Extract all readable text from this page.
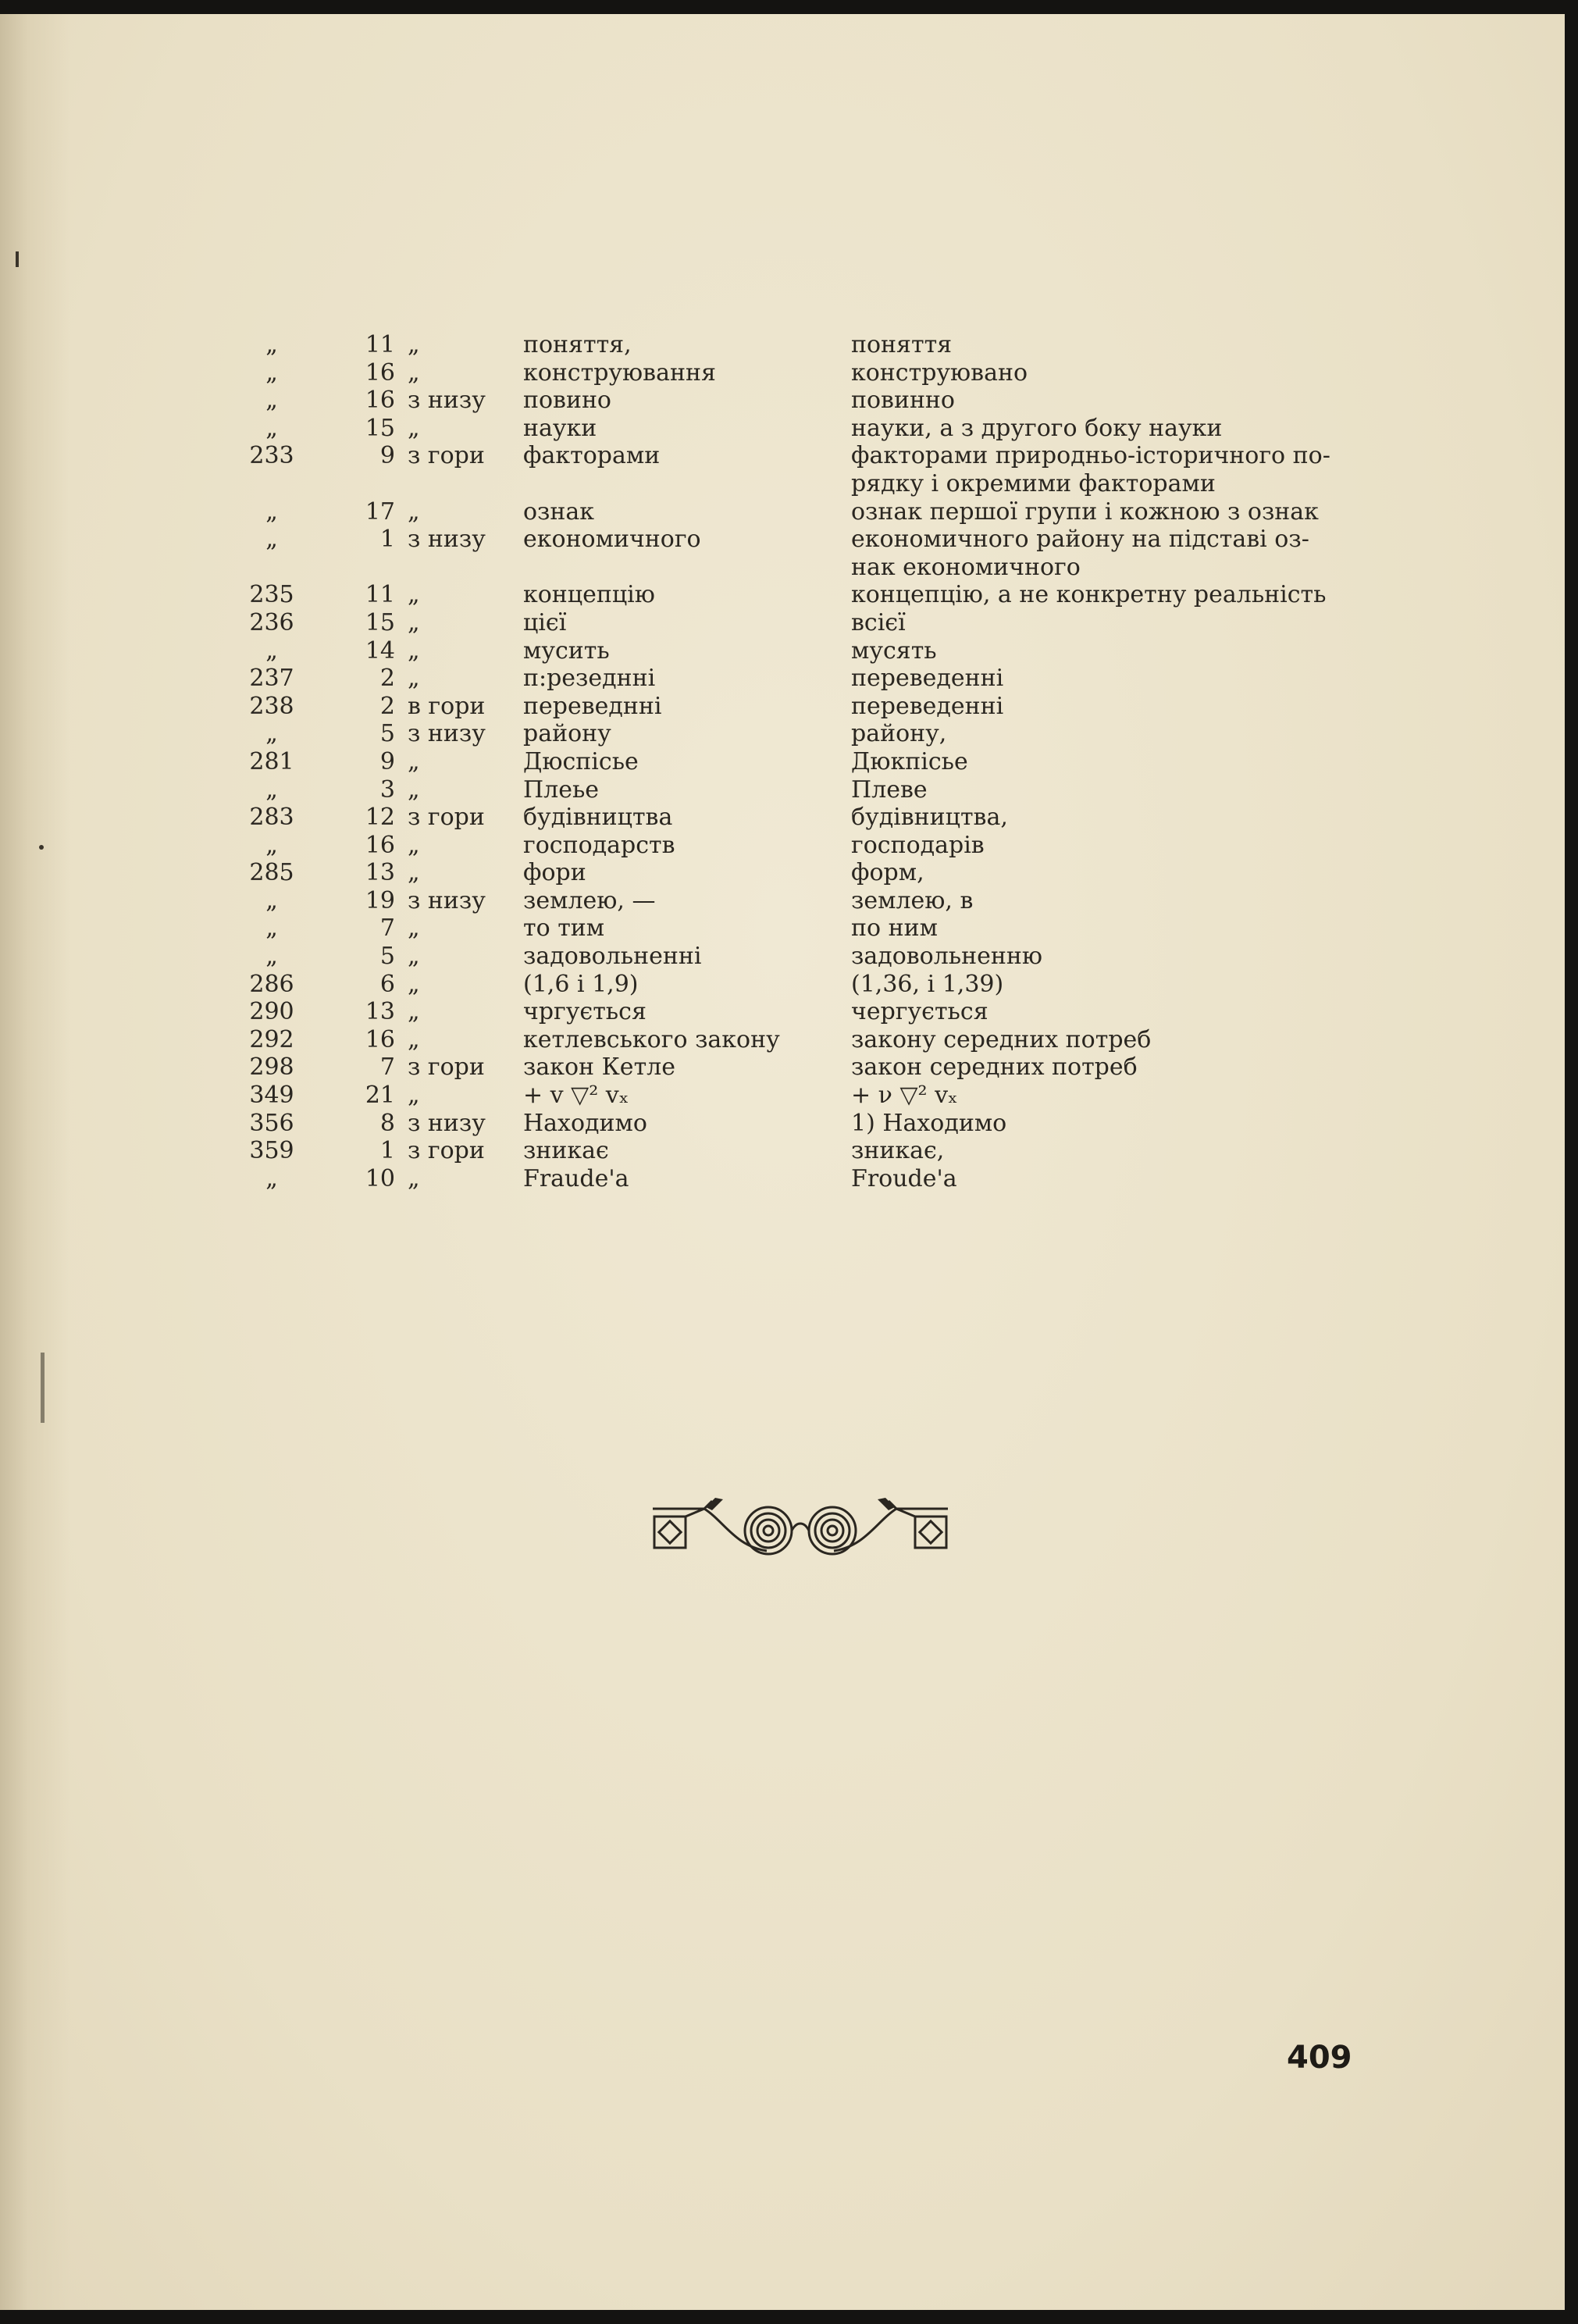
„	11	„	поняття,	поняття
„	16	„	конструювання	конструювано
„	16	з низу	повино	повинно
„	15	„	науки	науки, а з другого боку науки
233	9	з гори	факторами	факторами природньо-історичного по-
				рядку і окремими факторами
„	17	„	ознак	ознак першої групи і кожною з ознак
„	1	з низу	економичного	економичного району на підставі оз-
				нак економичного
235	11	„	концепцію	концепцію, а не конкретну реальність
236	15	„	цієї	всієї
„	14	„	мусить	мусять
237	2	„	п:резеднні	переведенні
238	2	в гори	переведнні	переведенні
„	5	з низу	району	району,
281	9	„	Дюспісье	Дюкпісье
„	3	„	Плеье	Плеве
283	12	з гори	будівництва	будівництва,
„	16	„	господарств	господарів
285	13	„	фори	форм,
„	19	з низу	землею, —	землею, в
„	7	„	то тим	по ним
„	5	„	задовольненні	задовольненню
286	6	„	(1,6 і 1,9)	(1,36, і 1,39)
290	13	„	чргується	чергується
292	16	„	кетлевського закону	закону середних потреб
298	7	з гори	закон Кетле	закон середних потреб
349	21	„	+ v ▽² vₓ	+ ν ▽² vₓ
356	8	з низу	Находимо	1) Находимо
359	1	з гори	зникає	зникає,
„	10	„	Fraude'a	Froude'a
409
